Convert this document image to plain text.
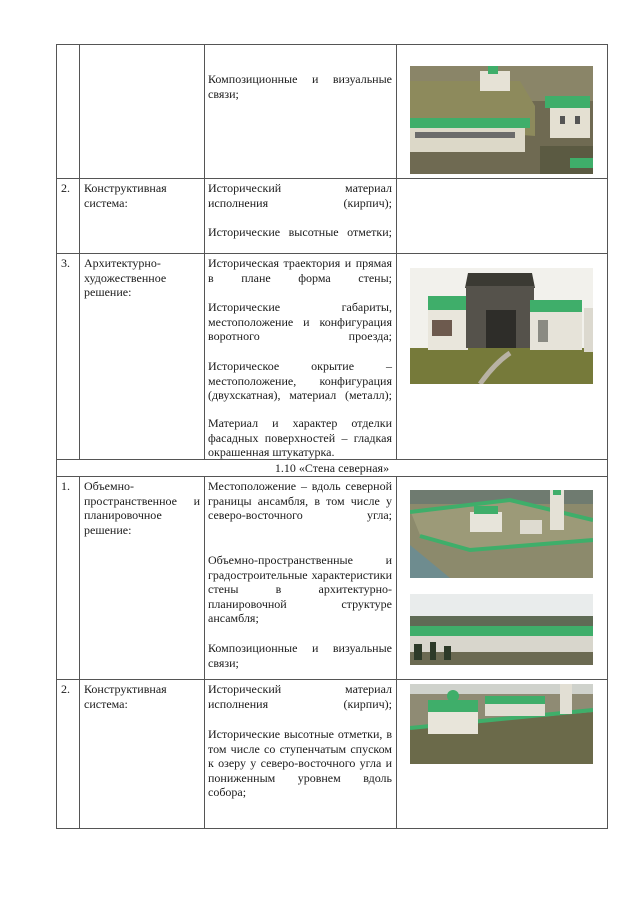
Композиционные и визуальные связи;
2. Конструктивная система:
Исторический материал исполнения (кирпич);
Исторические высотные отметки;
3. Архитектурно-художественное решение:
Историческая траектория и прямая в плане форма стены;
Исторические габариты, местоположение и конфигурация воротного проезда;
Историческое окрытие – местоположение, конфигурация (двухскатная), материал (металл);
Материал и характер отделки фасадных поверхностей – гладкая окрашенная штукатурка.
1.10 «Стена северная»
1. Объемно-пространственное и планировочное решение:
Местоположение – вдоль северной границы ансамбля, в том числе у северо-восточного угла;
Объемно-пространственные и градостроительные характеристики стены в архитектурно-планировочной структуре ансамбля;
Композиционные и визуальные связи;
2. Конструктивная система:
Исторический материал исполнения (кирпич);
Исторические высотные отметки, в том числе со ступенчатым спуском к озеру у северо-восточного угла и пониженным уровнем вдоль собора;
